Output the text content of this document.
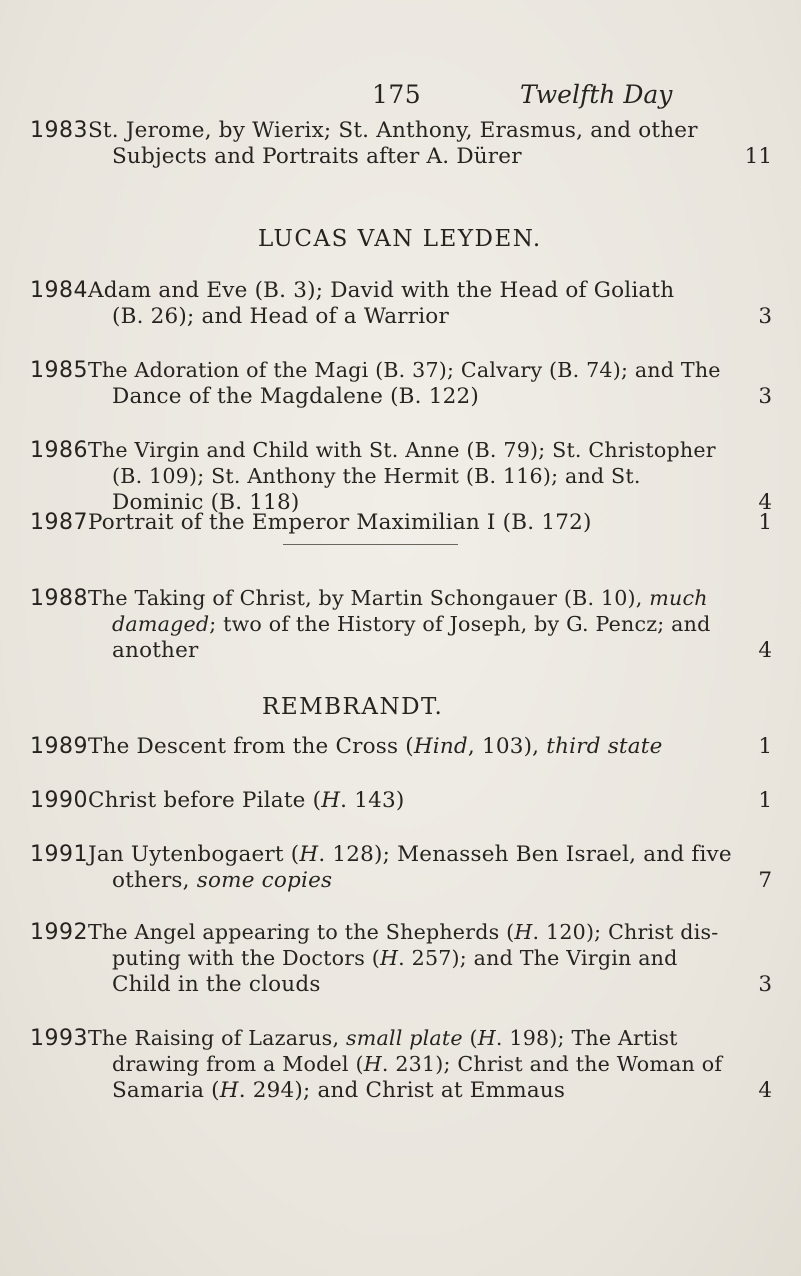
175	Twelfth Day
1983 St. Jerome, by Wierix; St. Anthony, Erasmus, and other
Subjects and Portraits after A. Dürer	11
LUCAS VAN LEYDEN.
1984 Adam and Eve (B. 3); David with the Head of Goliath
(B. 26); and Head of a Warrior	3
1985 The Adoration of the Magi (B. 37); Calvary (B. 74); and The
Dance of the Magdalene (B. 122)	3
1986 The Virgin and Child with St. Anne (B. 79); St. Christopher
(B. 109); St. Anthony the Hermit (B. 116); and St.
Dominic (B. 118)	4
1987 Portrait of the Emperor Maximilian I (B. 172)	1
1988 The Taking of Christ, by Martin Schongauer (B. 10), much
damaged; two of the History of Joseph, by G. Pencz; and
another	4
REMBRANDT.
1989 The Descent from the Cross (Hind, 103), third state	1
1990 Christ before Pilate (H. 143)	1
1991 Jan Uytenbogaert (H. 128); Menasseh Ben Israel, and five
others, some copies	7
1992 The Angel appearing to the Shepherds (H. 120); Christ dis-
puting with the Doctors (H. 257); and The Virgin and
Child in the clouds	3
1993 The Raising of Lazarus, small plate (H. 198); The Artist
drawing from a Model (H. 231); Christ and the Woman of
Samaria (H. 294); and Christ at Emmaus	4
